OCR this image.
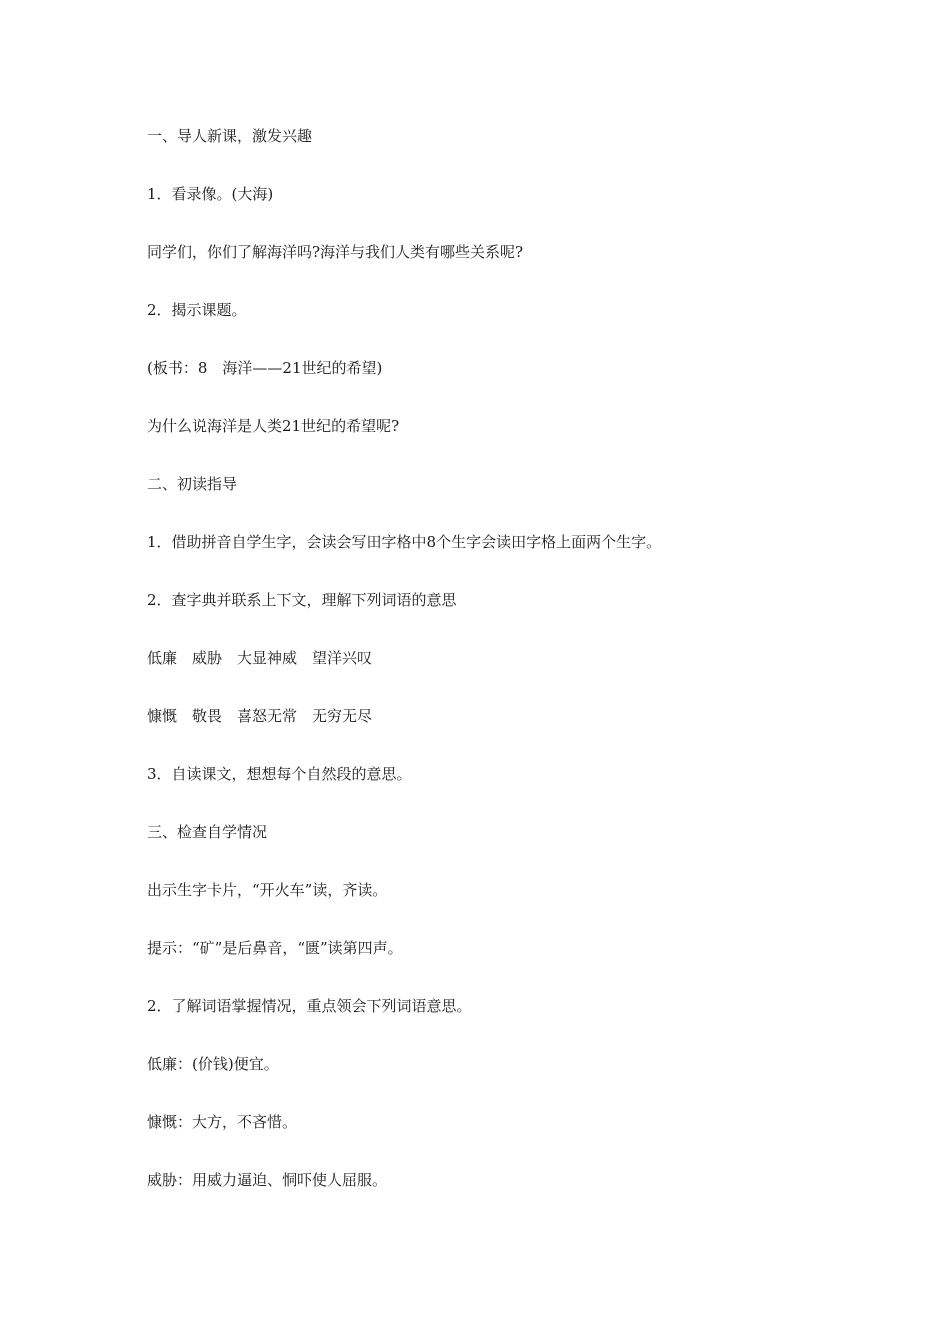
一、导人新课，激发兴趣
1．看录像。(大海)
同学们，你们了解海洋吗?海洋与我们人类有哪些关系呢?
2．揭示课题。
(板书：8　海洋——21世纪的希望)
为什么说海洋是人类21世纪的希望呢?
二、初读指导
1．借助拼音自学生字，会读会写田字格中8个生字会读田字格上面两个生字。
2．查字典并联系上下文，理解下列词语的意思
低廉　威胁　大显神威　望洋兴叹
慷慨　敬畏　喜怒无常　无穷无尽
3．自读课文，想想每个自然段的意思。
三、检查自学情况
出示生字卡片，“开火车”读，齐读。
提示：“矿”是后鼻音，“匮”读第四声。
2．了解词语掌握情况，重点领会下列词语意思。
低廉：(价钱)便宜。
慷慨：大方，不吝惜。
威胁：用威力逼迫、恫吓使人屈服。
